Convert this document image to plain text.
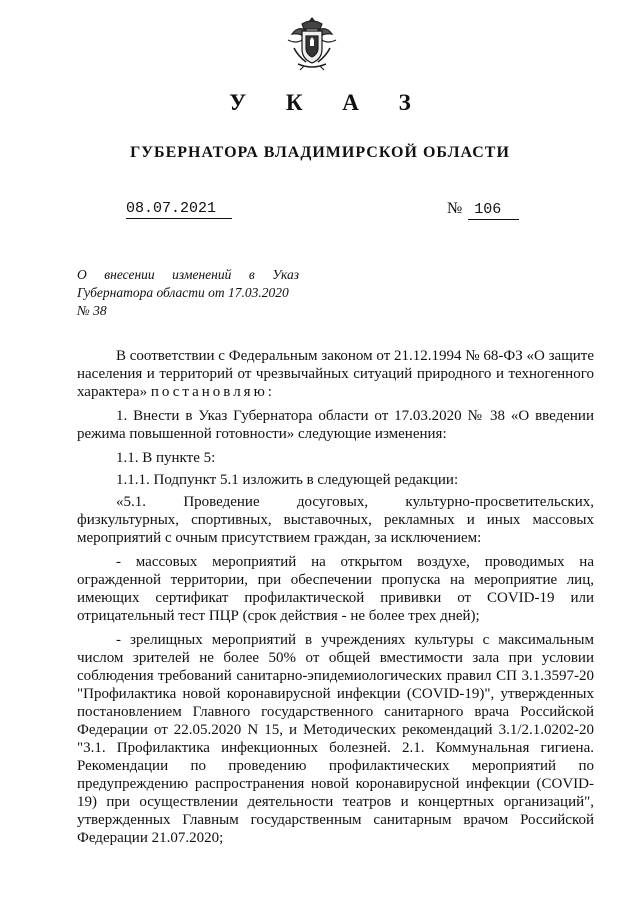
У К А З
ГУБЕРНАТОРА ВЛАДИМИРСКОЙ ОБЛАСТИ
08.07.2021	№ 106
О внесении изменений в Указ
Губернатора области от 17.03.2020
№ 38

В соответствии с Федеральным законом от 21.12.1994 № 68-ФЗ «О защите населения и территорий от чрезвычайных ситуаций природного и техногенного характера» постановляю:

1. Внести в Указ Губернатора области от 17.03.2020 № 38 «О введении режима повышенной готовности» следующие изменения:

1.1. В пункте 5:

1.1.1. Подпункт 5.1 изложить в следующей редакции:

«5.1. Проведение досуговых, культурно-просветительских, физкультурных, спортивных, выставочных, рекламных и иных массовых мероприятий с очным присутствием граждан, за исключением:

- массовых мероприятий на открытом воздухе, проводимых на огражденной территории, при обеспечении пропуска на мероприятие лиц, имеющих сертификат профилактической прививки от COVID-19 или отрицательный тест ПЦР (срок действия - не более трех дней);

- зрелищных мероприятий в учреждениях культуры с максимальным числом зрителей не более 50% от общей вместимости зала при условии соблюдения требований санитарно-эпидемиологических правил СП 3.1.3597-20 "Профилактика новой коронавирусной инфекции (COVID-19)", утвержденных постановлением Главного государственного санитарного врача Российской Федерации от 22.05.2020 N 15, и Методических рекомендаций 3.1/2.1.0202-20 "3.1. Профилактика инфекционных болезней. 2.1. Коммунальная гигиена. Рекомендации по проведению профилактических мероприятий по предупреждению распространения новой коронавирусной инфекции (COVID-19) при осуществлении деятельности театров и концертных организаций", утвержденных Главным государственным санитарным врачом Российской Федерации 21.07.2020;
